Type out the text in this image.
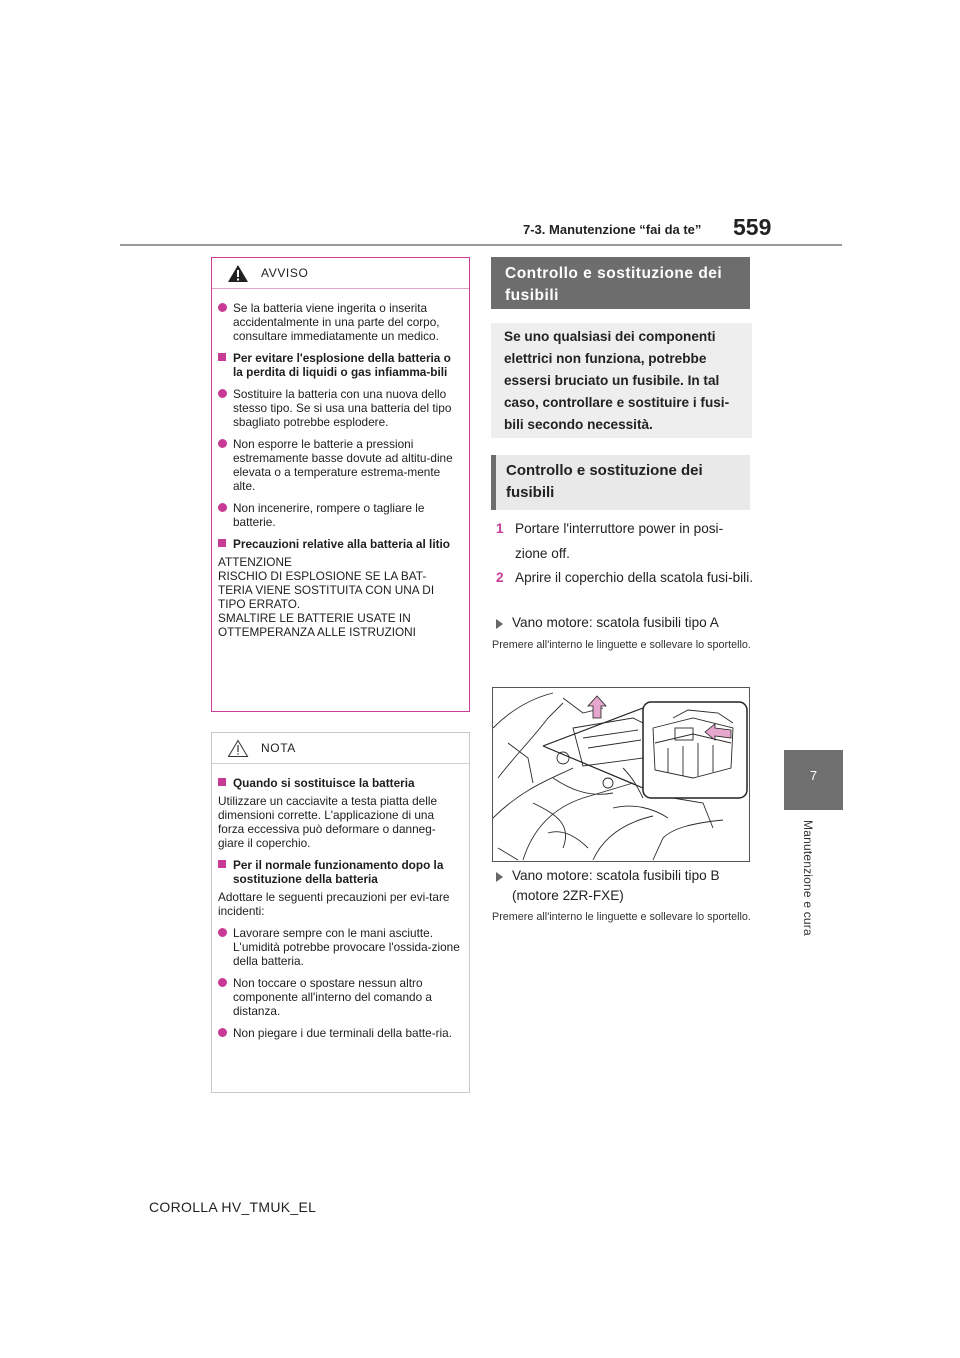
7-3. Manutenzione “fai da te” 559
7
Manutenzione e cura
AVVISO
Se la batteria viene ingerita o inserita accidentalmente in una parte del corpo, consultare immediatamente un medico.
Per evitare l'esplosione della batteria o la perdita di liquidi o gas infiamma-bili
Sostituire la batteria con una nuova dello stesso tipo. Se si usa una batteria del tipo sbagliato potrebbe esplodere.
Non esporre le batterie a pressioni estremamente basse dovute ad altitu-dine elevata o a temperature estrema-mente alte.
Non incenerire, rompere o tagliare le batterie.
Precauzioni relative alla batteria al litio
ATTENZIONE
RISCHIO DI ESPLOSIONE SE LA BAT-
TERIA VIENE SOSTITUITA CON UNA DI
TIPO ERRATO.
SMALTIRE LE BATTERIE USATE IN
OTTEMPERANZA ALLE ISTRUZIONI
NOTA
Quando si sostituisce la batteria
Utilizzare un cacciavite a testa piatta delle dimensioni corrette. L'applicazione di una forza eccessiva può deformare o danneg-giare il coperchio.
Per il normale funzionamento dopo la sostituzione della batteria
Adottare le seguenti precauzioni per evi-tare incidenti:
Lavorare sempre con le mani asciutte. L'umidità potrebbe provocare l'ossida-zione della batteria.
Non toccare o spostare nessun altro componente all'interno del comando a distanza.
Non piegare i due terminali della batte-ria.
Controllo e sostituzione dei fusibili
Se uno qualsiasi dei componenti elettrici non funziona, potrebbe essersi bruciato un fusibile. In tal caso, controllare e sostituire i fusi-bili secondo necessità.
Controllo e sostituzione dei fusibili
1 Portare l'interruttore power in posi-zione off.
2 Aprire il coperchio della scatola fusi-bili.
Vano motore: scatola fusibili tipo A
Premere all'interno le linguette e sollevare lo sportello.
Vano motore: scatola fusibili tipo B (motore 2ZR-FXE)
Premere all'interno le linguette e sollevare lo sportello.
COROLLA HV_TMUK_EL
